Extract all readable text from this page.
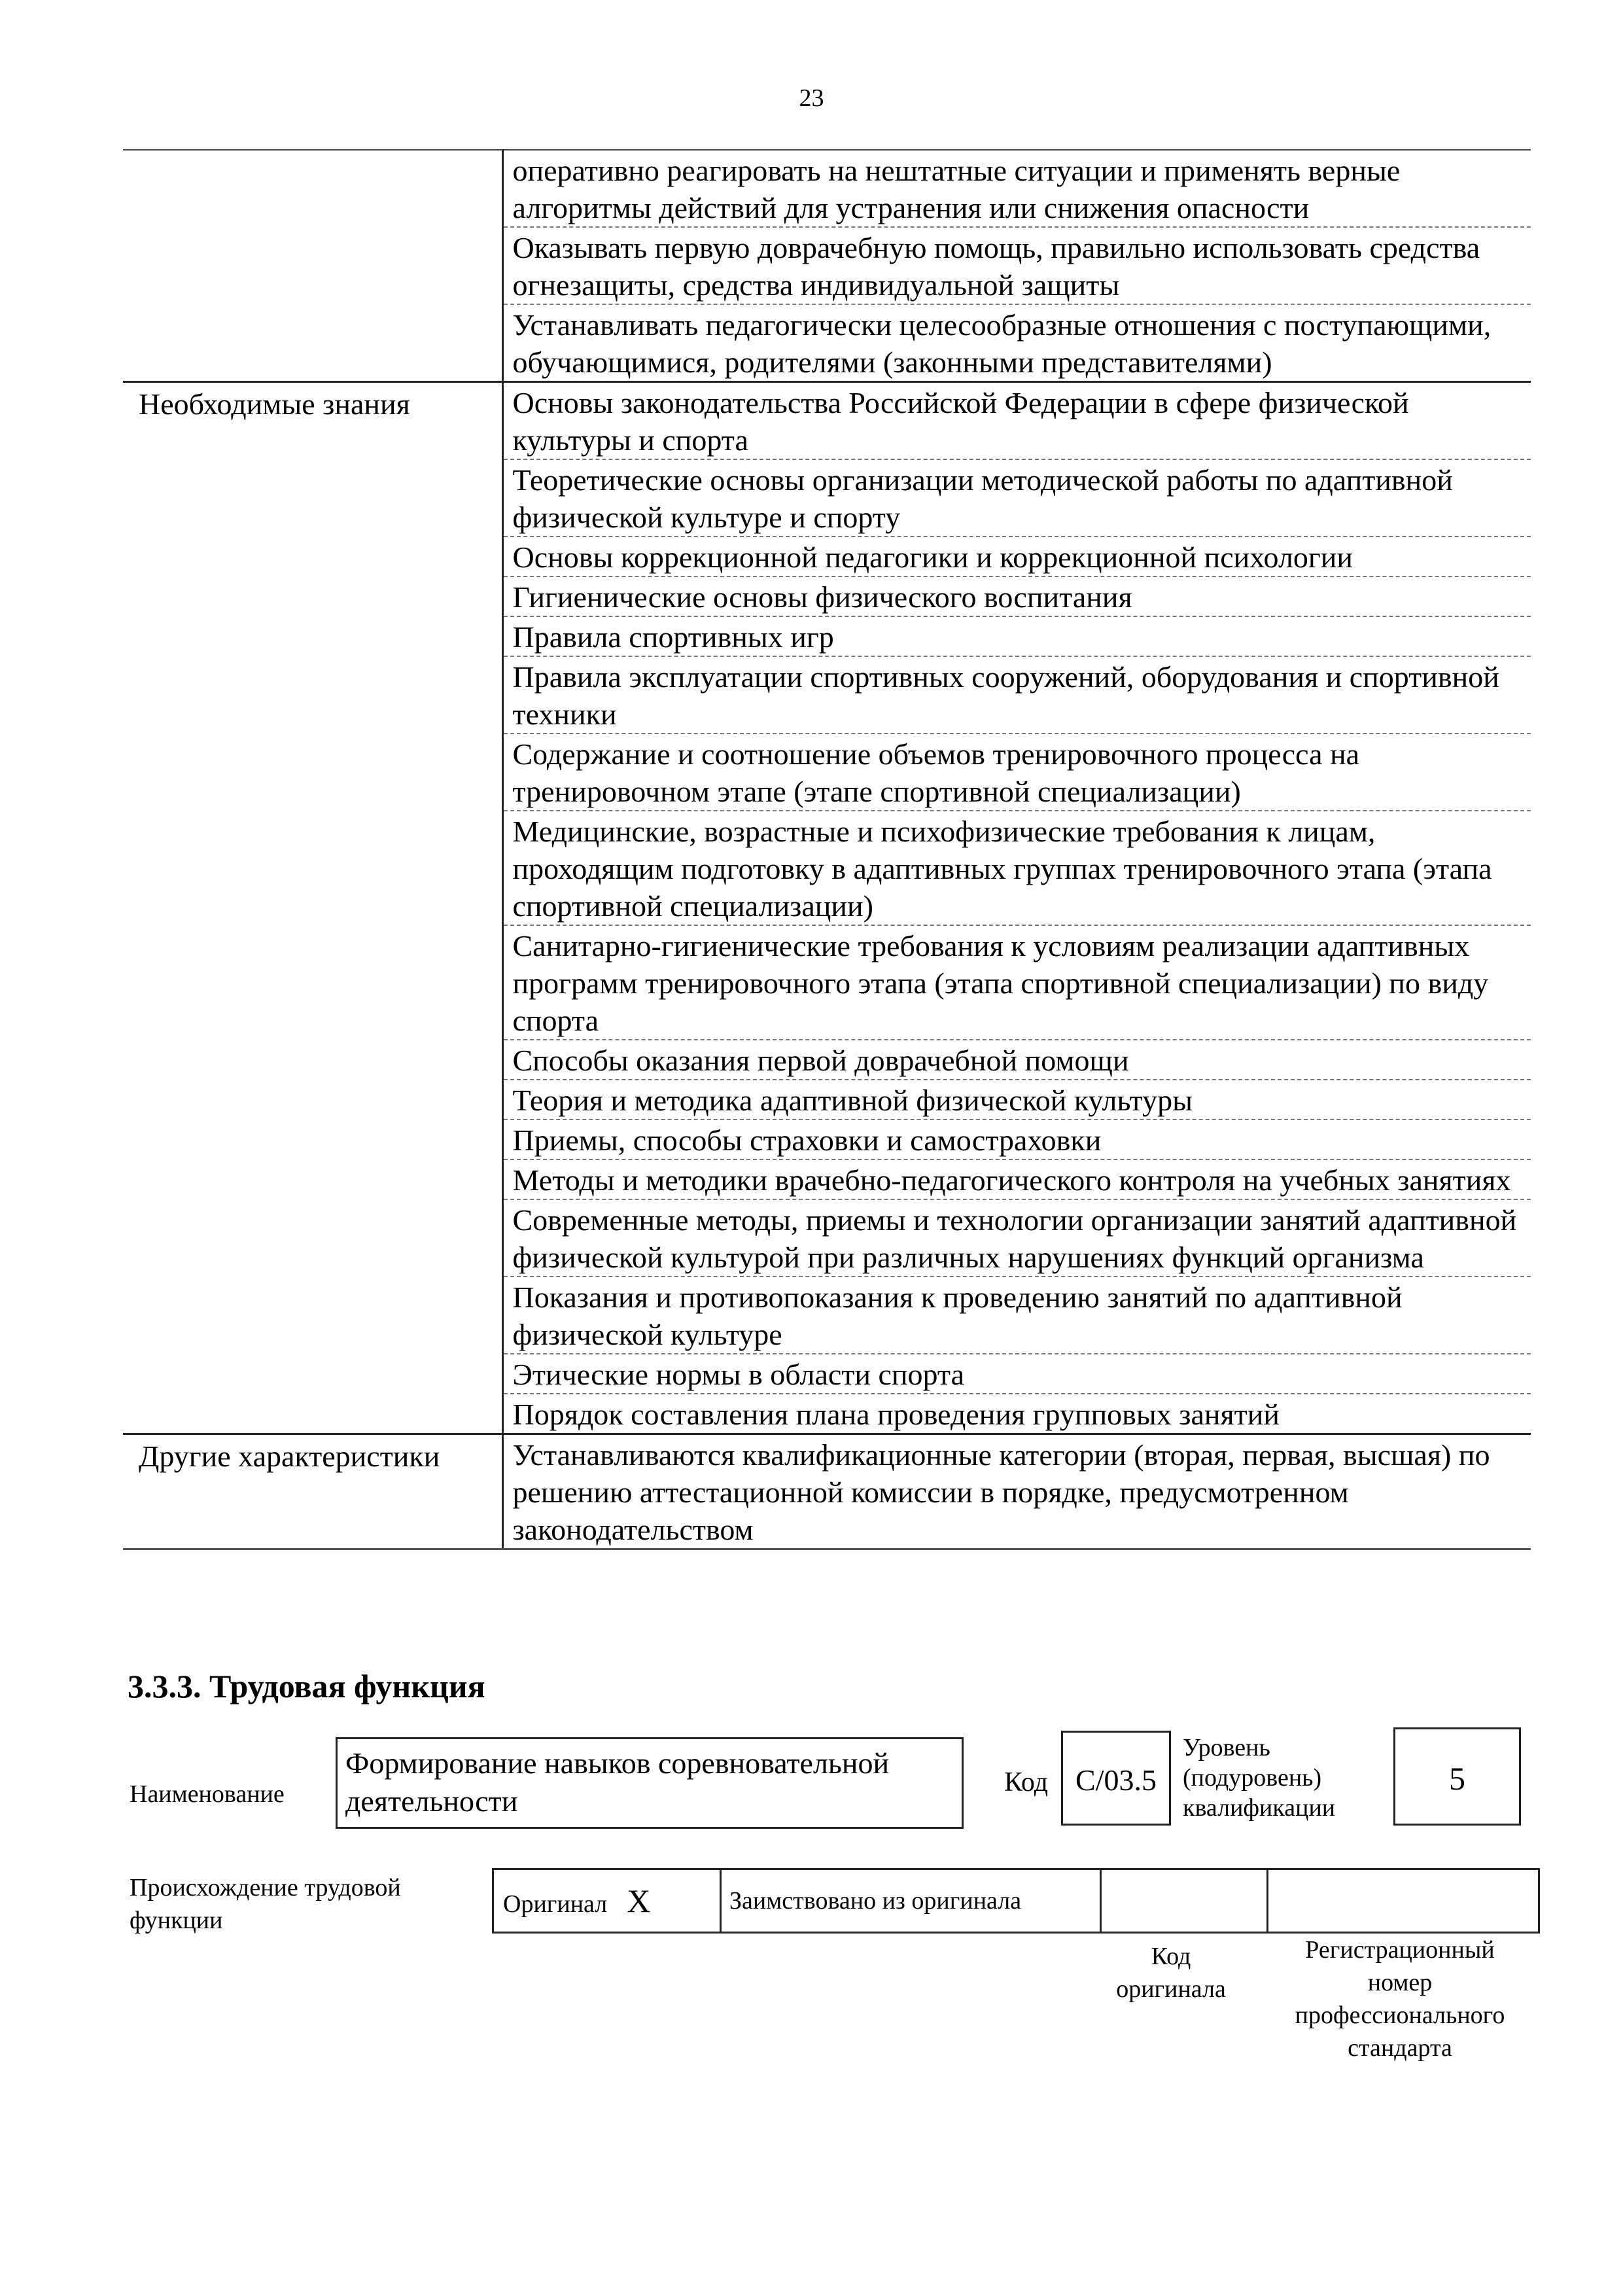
23
	оперативно реагировать на нештатные ситуации и применять верные алгоритмы действий для устранения или снижения опасности
	Оказывать первую доврачебную помощь, правильно использовать средства огнезащиты, средства индивидуальной защиты
	Устанавливать педагогически целесообразные отношения с поступающими, обучающимися, родителями (законными представителями)
Необходимые знания	Основы законодательства Российской Федерации в сфере физической культуры и спорта
	Теоретические основы организации методической работы по адаптивной физической культуре и спорту
	Основы коррекционной педагогики и коррекционной психологии
	Гигиенические основы физического воспитания
	Правила спортивных игр
	Правила эксплуатации спортивных сооружений, оборудования и спортивной техники
	Содержание и соотношение объемов тренировочного процесса на тренировочном этапе (этапе спортивной специализации)
	Медицинские, возрастные и психофизические требования к лицам, проходящим подготовку в адаптивных группах тренировочного этапа (этапа спортивной специализации)
	Санитарно-гигиенические требования к условиям реализации адаптивных программ тренировочного этапа (этапа спортивной специализации) по виду спорта
	Способы оказания первой доврачебной помощи
	Теория и методика адаптивной физической культуры
	Приемы, способы страховки и самостраховки
	Методы и методики врачебно-педагогического контроля на учебных занятиях
	Современные методы, приемы и технологии организации занятий адаптивной физической культурой при различных нарушениях функций организма
	Показания и противопоказания к проведению занятий по адаптивной физической культуре
	Этические нормы в области спорта
	Порядок составления плана проведения групповых занятий
Другие характеристики	Устанавливаются квалификационные категории (вторая, первая, высшая) по решению аттестационной комиссии в порядке, предусмотренном законодательством
3.3.3. Трудовая функция
Наименование
Формирование навыков соревновательной деятельности
Код С/03.5
Уровень
(подуровень)
квалификации
5
Происхождение трудовой функции
Оригинал X	Заимствовано из оригинала		
Код
оригинала
Регистрационный
номер
профессионального
стандарта
